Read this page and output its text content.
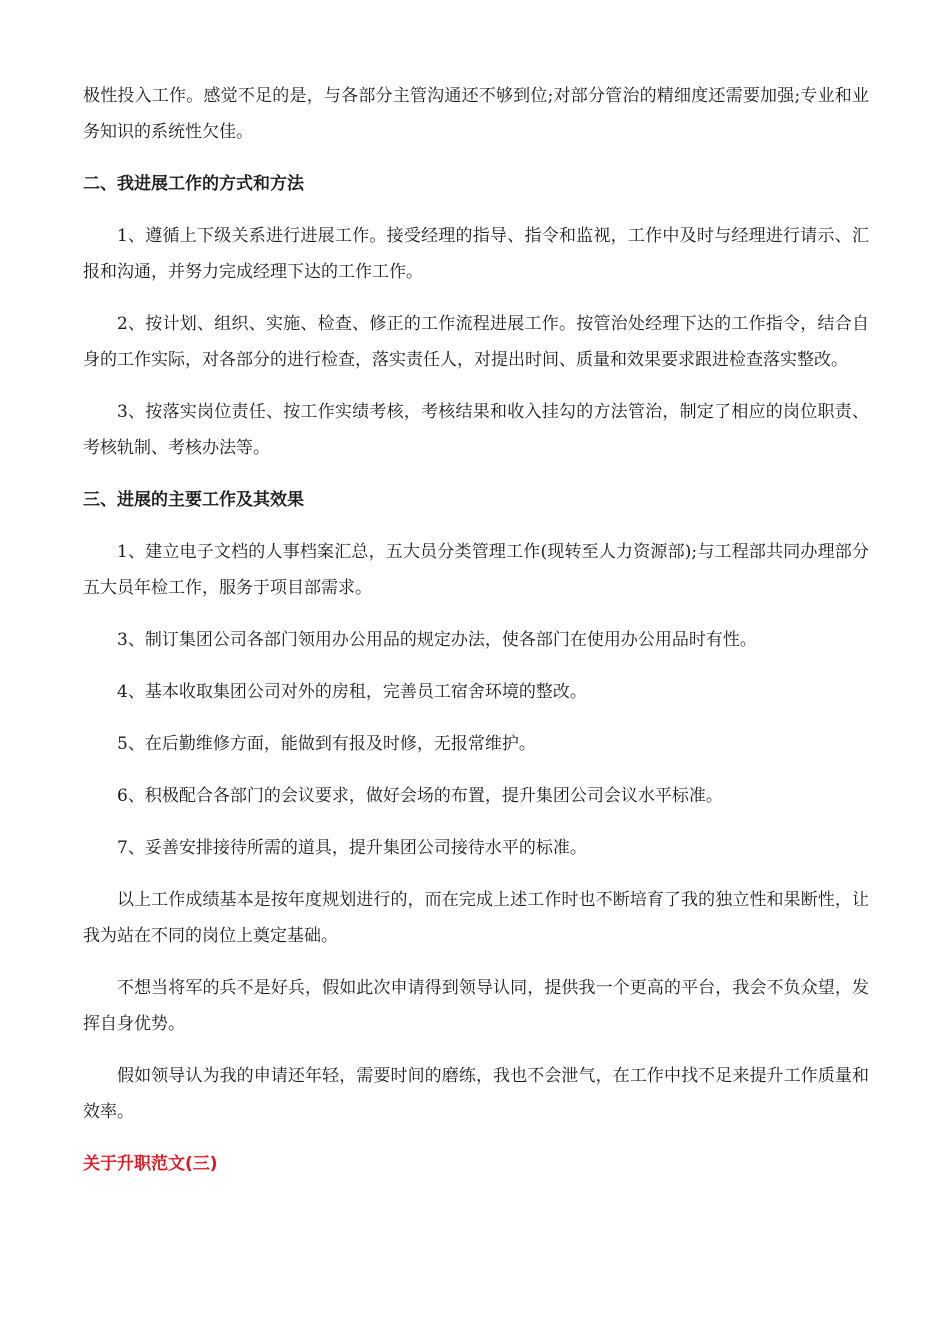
极性投入工作。感觉不足的是，与各部分主管沟通还不够到位;对部分管治的精细度还需要加强;专业和业务知识的系统性欠佳。

二、我进展工作的方式和方法

1、遵循上下级关系进行进展工作。接受经理的指导、指令和监视，工作中及时与经理进行请示、汇报和沟通，并努力完成经理下达的工作工作。

2、按计划、组织、实施、检查、修正的工作流程进展工作。按管治处经理下达的工作指令，结合自身的工作实际，对各部分的进行检查，落实责任人，对提出时间、质量和效果要求跟进检查落实整改。

3、按落实岗位责任、按工作实绩考核，考核结果和收入挂勾的方法管治，制定了相应的岗位职责、考核轨制、考核办法等。

三、进展的主要工作及其效果

1、建立电子文档的人事档案汇总，五大员分类管理工作(现转至人力资源部);与工程部共同办理部分五大员年检工作，服务于项目部需求。

3、制订集团公司各部门领用办公用品的规定办法，使各部门在使用办公用品时有性。

4、基本收取集团公司对外的房租，完善员工宿舍环境的整改。

5、在后勤维修方面，能做到有报及时修，无报常维护。

6、积极配合各部门的会议要求，做好会场的布置，提升集团公司会议水平标准。

7、妥善安排接待所需的道具，提升集团公司接待水平的标准。

以上工作成绩基本是按年度规划进行的，而在完成上述工作时也不断培育了我的独立性和果断性，让我为站在不同的岗位上奠定基础。

不想当将军的兵不是好兵，假如此次申请得到领导认同，提供我一个更高的平台，我会不负众望，发挥自身优势。

假如领导认为我的申请还年轻，需要时间的磨练，我也不会泄气，在工作中找不足来提升工作质量和效率。

关于升职范文(三)
